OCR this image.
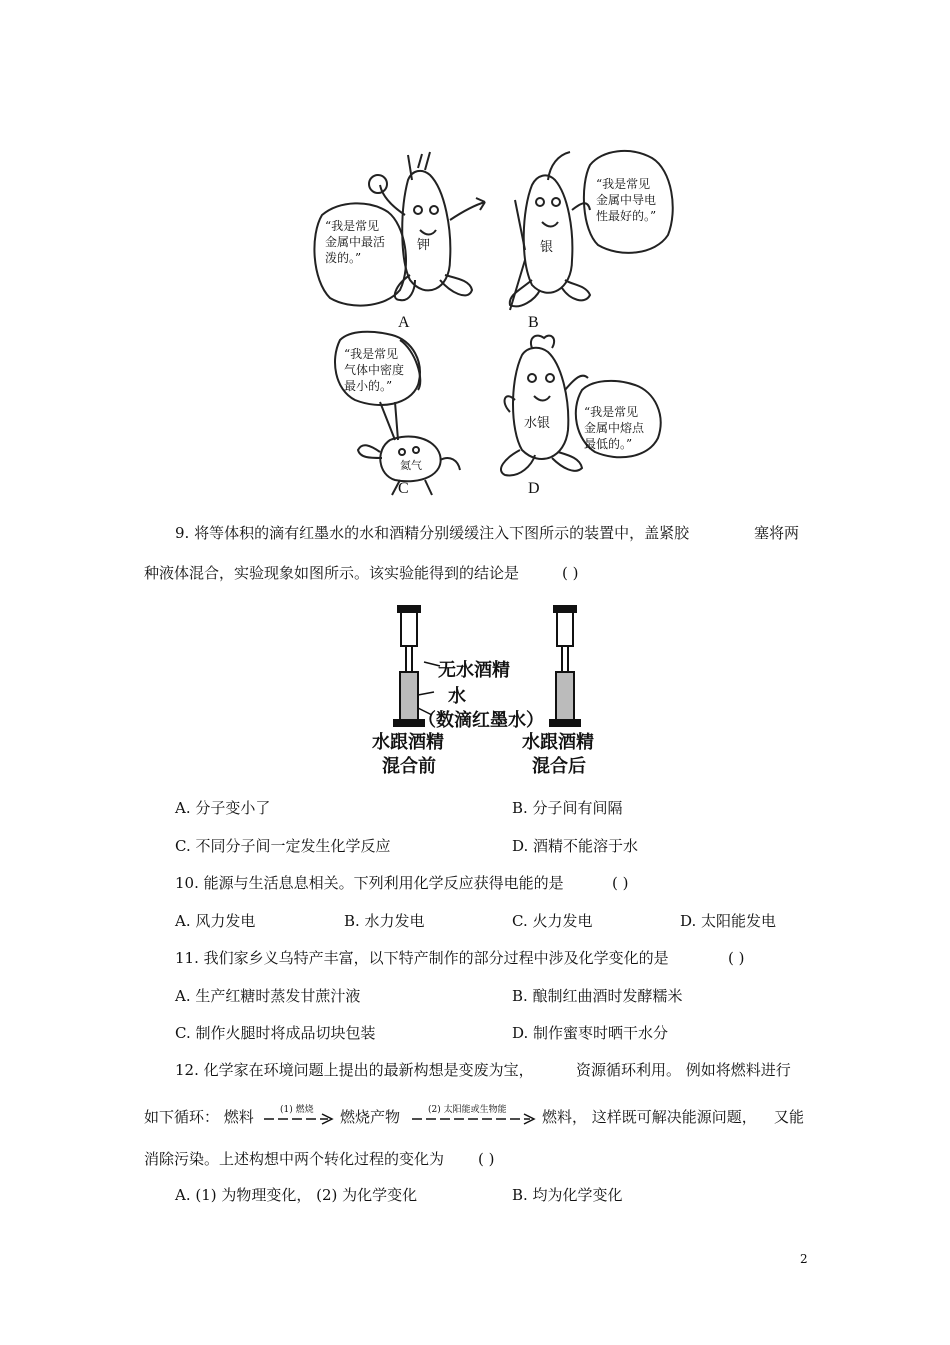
“我是常见
金属中最活
泼的。”
“我是常见
金属中导电
性最好的。”
“我是常见
气体中密度
最小的。”
“我是常见
金属中熔点
最低的。”
钾	银
氦气
水银
A	B
C	D
9. 将等体积的滴有红墨水的水和酒精分别缓缓注入下图所示的装置中，盖紧胶	塞将两
种液体混合，实验现象如图所示。该实验能得到的结论是	( )
无水酒精
水
（数滴红墨水）
水跟酒精
混合前
水跟酒精
混合后
A. 分子变小了	B. 分子间有间隔
C. 不同分子间一定发生化学反应	D. 酒精不能溶于水
10. 能源与生活息息相关。下列利用化学反应获得电能的是	( )
A. 风力发电	B. 水力发电	C. 火力发电	D. 太阳能发电
11. 我们家乡义乌特产丰富，以下特产制作的部分过程中涉及化学变化的是	( )
A. 生产红糖时蒸发甘蔗汁液	B. 酿制红曲酒时发酵糯米
C. 制作火腿时将成品切块包装	D. 制作蜜枣时晒干水分
12. 化学家在环境问题上提出的最新构想是变废为宝，	资源循环利用。 例如将燃料进行
如下循环： 燃料	(1) 燃烧 燃烧产物	(2) 太阳能或生物能 燃料， 这样既可解决能源问题， 又能
消除污染。上述构想中两个转化过程的变化为 ( )
A. (1) 为物理变化， (2) 为化学变化	B. 均为化学变化
2
